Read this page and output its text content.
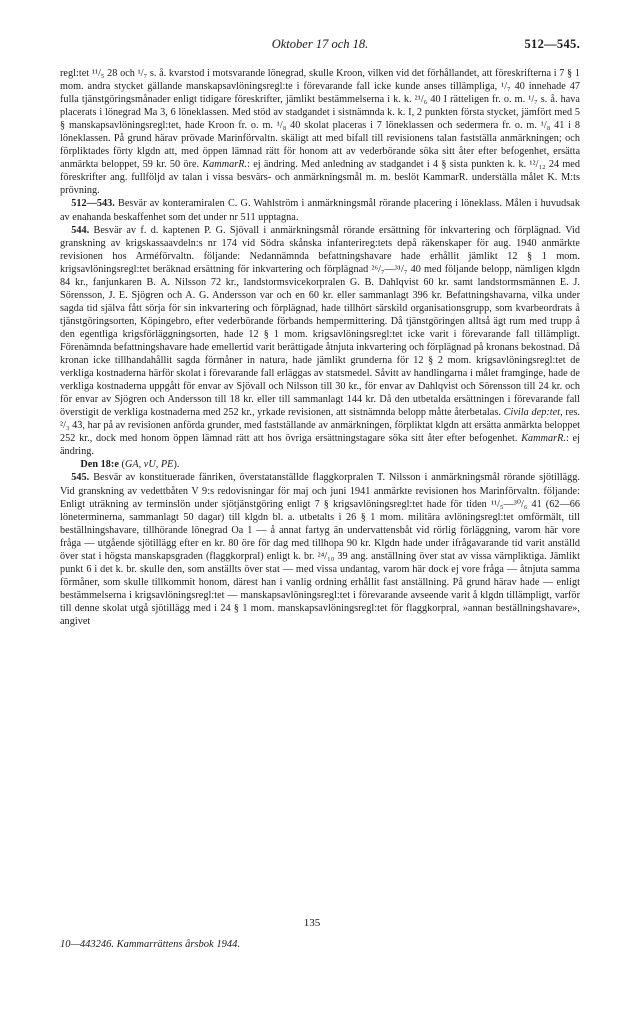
Oktober 17 och 18.	512—545.

regl:tet ¹¹/₅ 28 och ¹/₇ s. å. kvarstod i motsvarande lönegrad, skulle Kroon, vilken vid det förhållandet, att föreskrifterna i 7 § 1 mom. andra stycket gällande manskapsavlöningsregl:te i förevarande fall icke kunde anses tillämpliga, ¹/₇ 40 innehade 47 fulla tjänstgöringsmånader enligt tidigare föreskrifter, jämlikt bestämmelserna i k. k. ²¹/₆ 40 I rätteligen fr. o. m. ¹/₇ s. å. hava placerats i lönegrad Ma 3, 6 löneklassen. Med stöd av stadgandet i sistnämnda k. k. I, 2 punkten första stycket, jämfört med 5 § manskapsavlöningsregl:tet, hade Kroon fr. o. m. ¹/₈ 40 skolat placeras i 7 löneklassen och sedermera fr. o. m. ¹/₈ 41 i 8 löneklassen. På grund härav prövade Marinförvaltn. skäligt att med bifall till revisionens talan fastställa anmärkningen; och förpliktades förty klgdn att, med öppen lämnad rätt för honom att av vederbörande söka sitt åter efter befogenhet, ersätta anmärkta beloppet, 59 kr. 50 öre. KammarR.: ej ändring. Med anledning av stadgandet i 4 § sista punkten k. k. ¹²/₁₂ 24 med föreskrifter ang. fullföljd av talan i vissa besvärs- och anmärkningsmål m. m. beslöt KammarR. underställa målet K. M:ts prövning.

512—543. Besvär av konteramiralen C. G. Wahlström i anmärkningsmål rörande placering i löneklass. Målen i huvudsak av enahanda beskaffenhet som det under nr 511 upptagna.

544. Besvär av f. d. kaptenen P. G. Sjövall i anmärkningsmål rörande ersättning för inkvartering och förplägnad. Vid granskning av krigskassaavdeln:s nr 174 vid Södra skånska infanterireg:tets depå räkenskaper för aug. 1940 anmärkte revisionen hos Arméförvaltn. följande: Nedannämnda befattningshavare hade erhållit jämlikt 12 § 1 mom. krigsavlöningsregl:tet beräknad ersättning för inkvartering och förplägnad ²⁶/₇—³¹/₇ 40 med följande belopp, nämligen klgdn 84 kr., fanjunkaren B. A. Nilsson 72 kr., landstormsvicekorpralen G. B. Dahlqvist 60 kr. samt landstormsmännen E. J. Sörensson, J. E. Sjögren och A. G. Andersson var och en 60 kr. eller sammanlagt 396 kr. Befattningshavarna, vilka under sagda tid själva fått sörja för sin inkvartering och förplägnad, hade tillhört särskild organisationsgrupp, som kvarbeordrats å tjänstgöringsorten, Köpingebro, efter vederbörande förbands hempermittering. Då tjänstgöringen alltså ägt rum med trupp å den egentliga krigsförläggningsorten, hade 12 § 1 mom. krigsavlöningsregl:tet icke varit i förevarande fall tillämpligt. Förenämnda befattningshavare hade emellertid varit berättigade åtnjuta inkvartering och förplägnad på kronans bekostnad. Då kronan icke tillhandahållit sagda förmåner in natura, hade jämlikt grunderna för 12 § 2 mom. krigsavlöningsregl:tet de verkliga kostnaderna härför skolat i förevarande fall erläggas av statsmedel. Såvitt av handlingarna i målet framginge, hade de verkliga kostnaderna uppgått för envar av Sjövall och Nilsson till 30 kr., för envar av Dahlqvist och Sörensson till 24 kr. och för envar av Sjögren och Andersson till 18 kr. eller till sammanlagt 144 kr. Då den utbetalda ersättningen i förevarande fall överstigit de verkliga kostnaderna med 252 kr., yrkade revisionen, att sistnämnda belopp måtte återbetalas. Civila dep:tet, res. ²/₃ 43, har på av revisionen anförda grunder, med fastställande av anmärkningen, förpliktat klgdn att ersätta anmärkta beloppet 252 kr., dock med honom öppen lämnad rätt att hos övriga ersättningstagare söka sitt åter efter befogenhet. KammarR.: ej ändring.

Den 18:e (GA, vU, PE).

545. Besvär av konstituerade fänriken, överstatanställde flaggkorpralen T. Nilsson i anmärkningsmål rörande sjötillägg. Vid granskning av vedettbåten V 9:s redovisningar för maj och juni 1941 anmärkte revisionen hos Marinförvaltn. följande: Enligt uträkning av terminslön under sjötjänstgöring enligt 7 § krigsavlöningsregl:tet hade för tiden ¹¹/₅—³⁰/₆ 41 (62—66 löneterminerna, sammanlagt 50 dagar) till klgdn bl. a. utbetalts i 26 § 1 mom. militära avlöningsregl:tet omförmält, till beställningshavare, tillhörande lönegrad Oa 1 — å annat fartyg än undervattensbåt vid rörlig förläggning, varom här vore fråga — utgående sjötillägg efter en kr. 80 öre för dag med tillhopa 90 kr. Klgdn hade under ifrågavarande tid varit anställd över stat i högsta manskapsgraden (flaggkorpral) enligt k. br. ²⁴/₁₀ 39 ang. anställning över stat av vissa värnpliktiga. Jämlikt punkt 6 i det k. br. skulle den, som anställts över stat — med vissa undantag, varom här dock ej vore fråga — åtnjuta samma förmåner, som skulle tillkommit honom, därest han i vanlig ordning erhållit fast anställning. På grund härav hade — enligt bestämmelserna i krigsavlöningsregl:tet — manskapsavlöningsregl:tet i förevarande avseende varit å klgdn tillämpligt, varför till denne skolat utgå sjötillägg med i 24 § 1 mom. manskapsavlöningsregl:tet för flaggkorpral, »annan beställningshavare», angivet

135
10—443246. Kammarrättens årsbok 1944.
